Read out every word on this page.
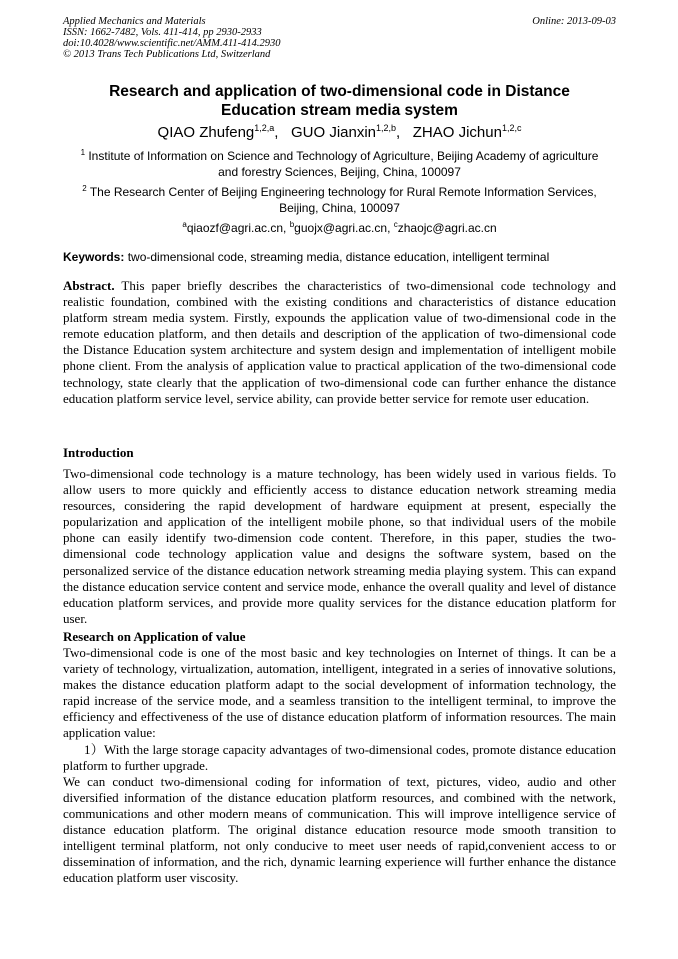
Applied Mechanics and Materials
ISSN: 1662-7482, Vols. 411-414, pp 2930-2933
doi:10.4028/www.scientific.net/AMM.411-414.2930
© 2013 Trans Tech Publications Ltd, Switzerland
Online: 2013-09-03
Research and application of two-dimensional code in Distance
Education stream media system
QIAO Zhufeng$^{1,2,a}$,   GUO Jianxin$^{1,2,b}$,   ZHAO Jichun$^{1,2,c}$
$^1$ Institute of Information on Science and Technology of Agriculture, Beijing Academy of agriculture
and forestry Sciences, Beijing, China, 100097
$^2$ The Research Center of Beijing Engineering technology for Rural Remote Information Services,
Beijing, China, 100097
$^a$qiaozf@agri.ac.cn, $^b$guojx@agri.ac.cn, $^c$zhaojc@agri.ac.cn
Keywords: two-dimensional code, streaming media, distance education, intelligent terminal
Abstract. This paper briefly describes the characteristics of two-dimensional code technology and realistic foundation, combined with the existing conditions and characteristics of distance education platform stream media system. Firstly, expounds the application value of two-dimensional code in the remote education platform, and then details and description of the application of two-dimensional code the Distance Education system architecture and system design and implementation of intelligent mobile phone client. From the analysis of application value to practical application of the two-dimensional code technology, state clearly that the application of two-dimensional code can further enhance the distance education platform service level, service ability, can provide better service for remote user education.
Introduction
Two-dimensional code technology is a mature technology, has been widely used in various fields. To allow users to more quickly and efficiently access to distance education network streaming media resources, considering the rapid development of hardware equipment at present, especially the popularization and application of the intelligent mobile phone, so that individual users of the mobile phone can easily identify two-dimension code content. Therefore, in this paper, studies the two-dimensional code technology application value and designs the software system, based on the personalized service of the distance education network streaming media playing system. This can expand the distance education service content and service mode, enhance the overall quality and level of distance education platform services, and provide more quality services for the distance education platform for user.
Research on Application of value

Two-dimensional code is one of the most basic and key technologies on Internet of things. It can be a variety of technology, virtualization, automation, intelligent, integrated in a series of innovative solutions, makes the distance education platform adapt to the social development of information technology, the rapid increase of the service mode, and a seamless transition to the intelligent terminal, to improve the efficiency and effectiveness of the use of distance education platform of information resources. The main application value:

1）With the large storage capacity advantages of two-dimensional codes, promote distance education platform to further upgrade.

We can conduct two-dimensional coding for information of text, pictures, video, audio and other diversified information of the distance education platform resources, and combined with the network, communications and other modern means of communication. This will improve intelligence service of distance education platform. The original distance education resource mode smooth transition to intelligent terminal platform, not only conducive to meet user needs of rapid,convenient access to or dissemination of information, and the rich, dynamic learning experience will further enhance the distance education platform user viscosity.
